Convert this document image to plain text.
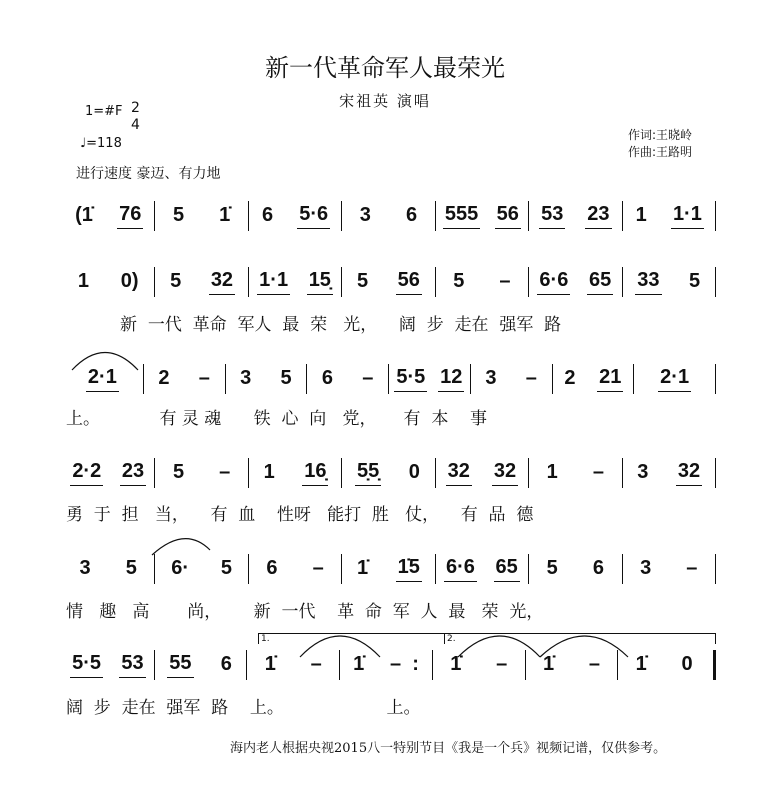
新一代革命军人最荣光
宋祖英 演唱
1=#F 2
4
♩=118
作词:王晓岭
作曲:王路明
进行速度 豪迈、有力地
(1̇ 76 5 1̇ 6 5·6 3 6 555 56 53 23 1 1·1
1 0) 5 32 1·1 15̣ 5 56 5 – 6·6 65 33 5
新  一代  革命  军人  最  荣   光，    阔  步  走在  强军  路
2·1 2 – 3 5 6 – 5·5 12 3 – 2 21 2·1
上。           有 灵 魂      铁  心  向   党，     有  本    事
2·2 23 5 – 1 16̣ 5̣5̣ 0 32 32 1 – 3 32
勇  于  担   当，    有  血    性呀   能打  胜   仗，    有  品  德
3 5 6· 5 6 – 1̇ 1̇5 6·6 65 5 6 3 –
情   趣   高       尚，      新  一代    革  命  军  人  最   荣  光，
5·5 53 55 6 1̇ – 1̇ –  : 1̇ – 1̇ – 1̇ 0
阔  步  走在  强军  路    上。                   上。
1.	2.
海内老人根据央视2015八一特别节目《我是一个兵》视频记谱，仅供参考。
